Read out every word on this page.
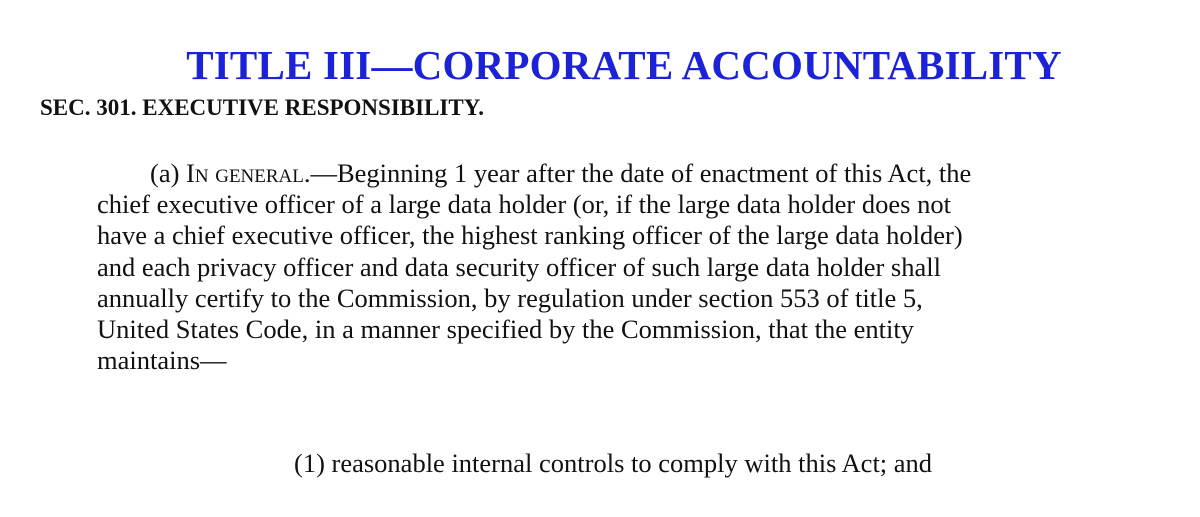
TITLE III—CORPORATE ACCOUNTABILITY
SEC. 301. EXECUTIVE RESPONSIBILITY.
(a) In general.—Beginning 1 year after the date of enactment of this Act, the
chief executive officer of a large data holder (or, if the large data holder does not
have a chief executive officer, the highest ranking officer of the large data holder)
and each privacy officer and data security officer of such large data holder shall
annually certify to the Commission, by regulation under section 553 of title 5,
United States Code, in a manner specified by the Commission, that the entity
maintains—
(1) reasonable internal controls to comply with this Act; and
